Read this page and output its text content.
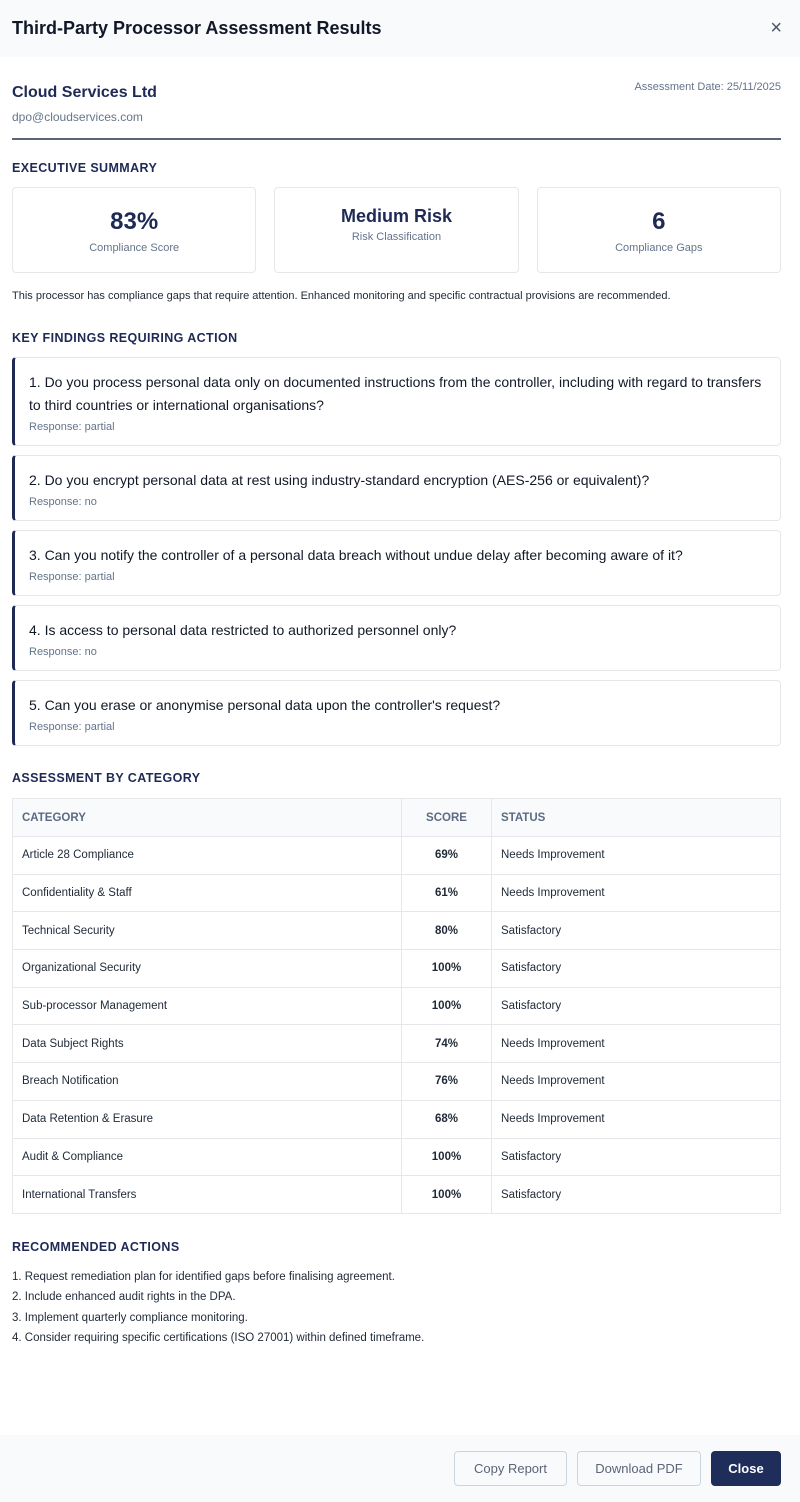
Third-Party Processor Assessment Results	×
Cloud Services Ltd
dpo@cloudservices.com
Assessment Date: 25/11/2025
EXECUTIVE SUMMARY
83%
Compliance Score
Medium Risk
Risk Classification
6
Compliance Gaps

This processor has compliance gaps that require attention. Enhanced monitoring and specific contractual provisions are recommended.

KEY FINDINGS REQUIRING ACTION
1. Do you process personal data only on documented instructions from the controller, including with regard to transfers to third countries or international organisations?
Response: partial
2. Do you encrypt personal data at rest using industry-standard encryption (AES-256 or equivalent)?
Response: no
3. Can you notify the controller of a personal data breach without undue delay after becoming aware of it?
Response: partial
4. Is access to personal data restricted to authorized personnel only?
Response: no
5. Can you erase or anonymise personal data upon the controller's request?
Response: partial
ASSESSMENT BY CATEGORY
CATEGORY	SCORE	STATUS
Article 28 Compliance	69%	Needs Improvement
Confidentiality & Staff	61%	Needs Improvement
Technical Security	80%	Satisfactory
Organizational Security	100%	Satisfactory
Sub-processor Management	100%	Satisfactory
Data Subject Rights	74%	Needs Improvement
Breach Notification	76%	Needs Improvement
Data Retention & Erasure	68%	Needs Improvement
Audit & Compliance	100%	Satisfactory
International Transfers	100%	Satisfactory
RECOMMENDED ACTIONS
1. Request remediation plan for identified gaps before finalising agreement.
2. Include enhanced audit rights in the DPA.
3. Implement quarterly compliance monitoring.
4. Consider requiring specific certifications (ISO 27001) within defined timeframe.
Copy Report	Download PDF	Close
